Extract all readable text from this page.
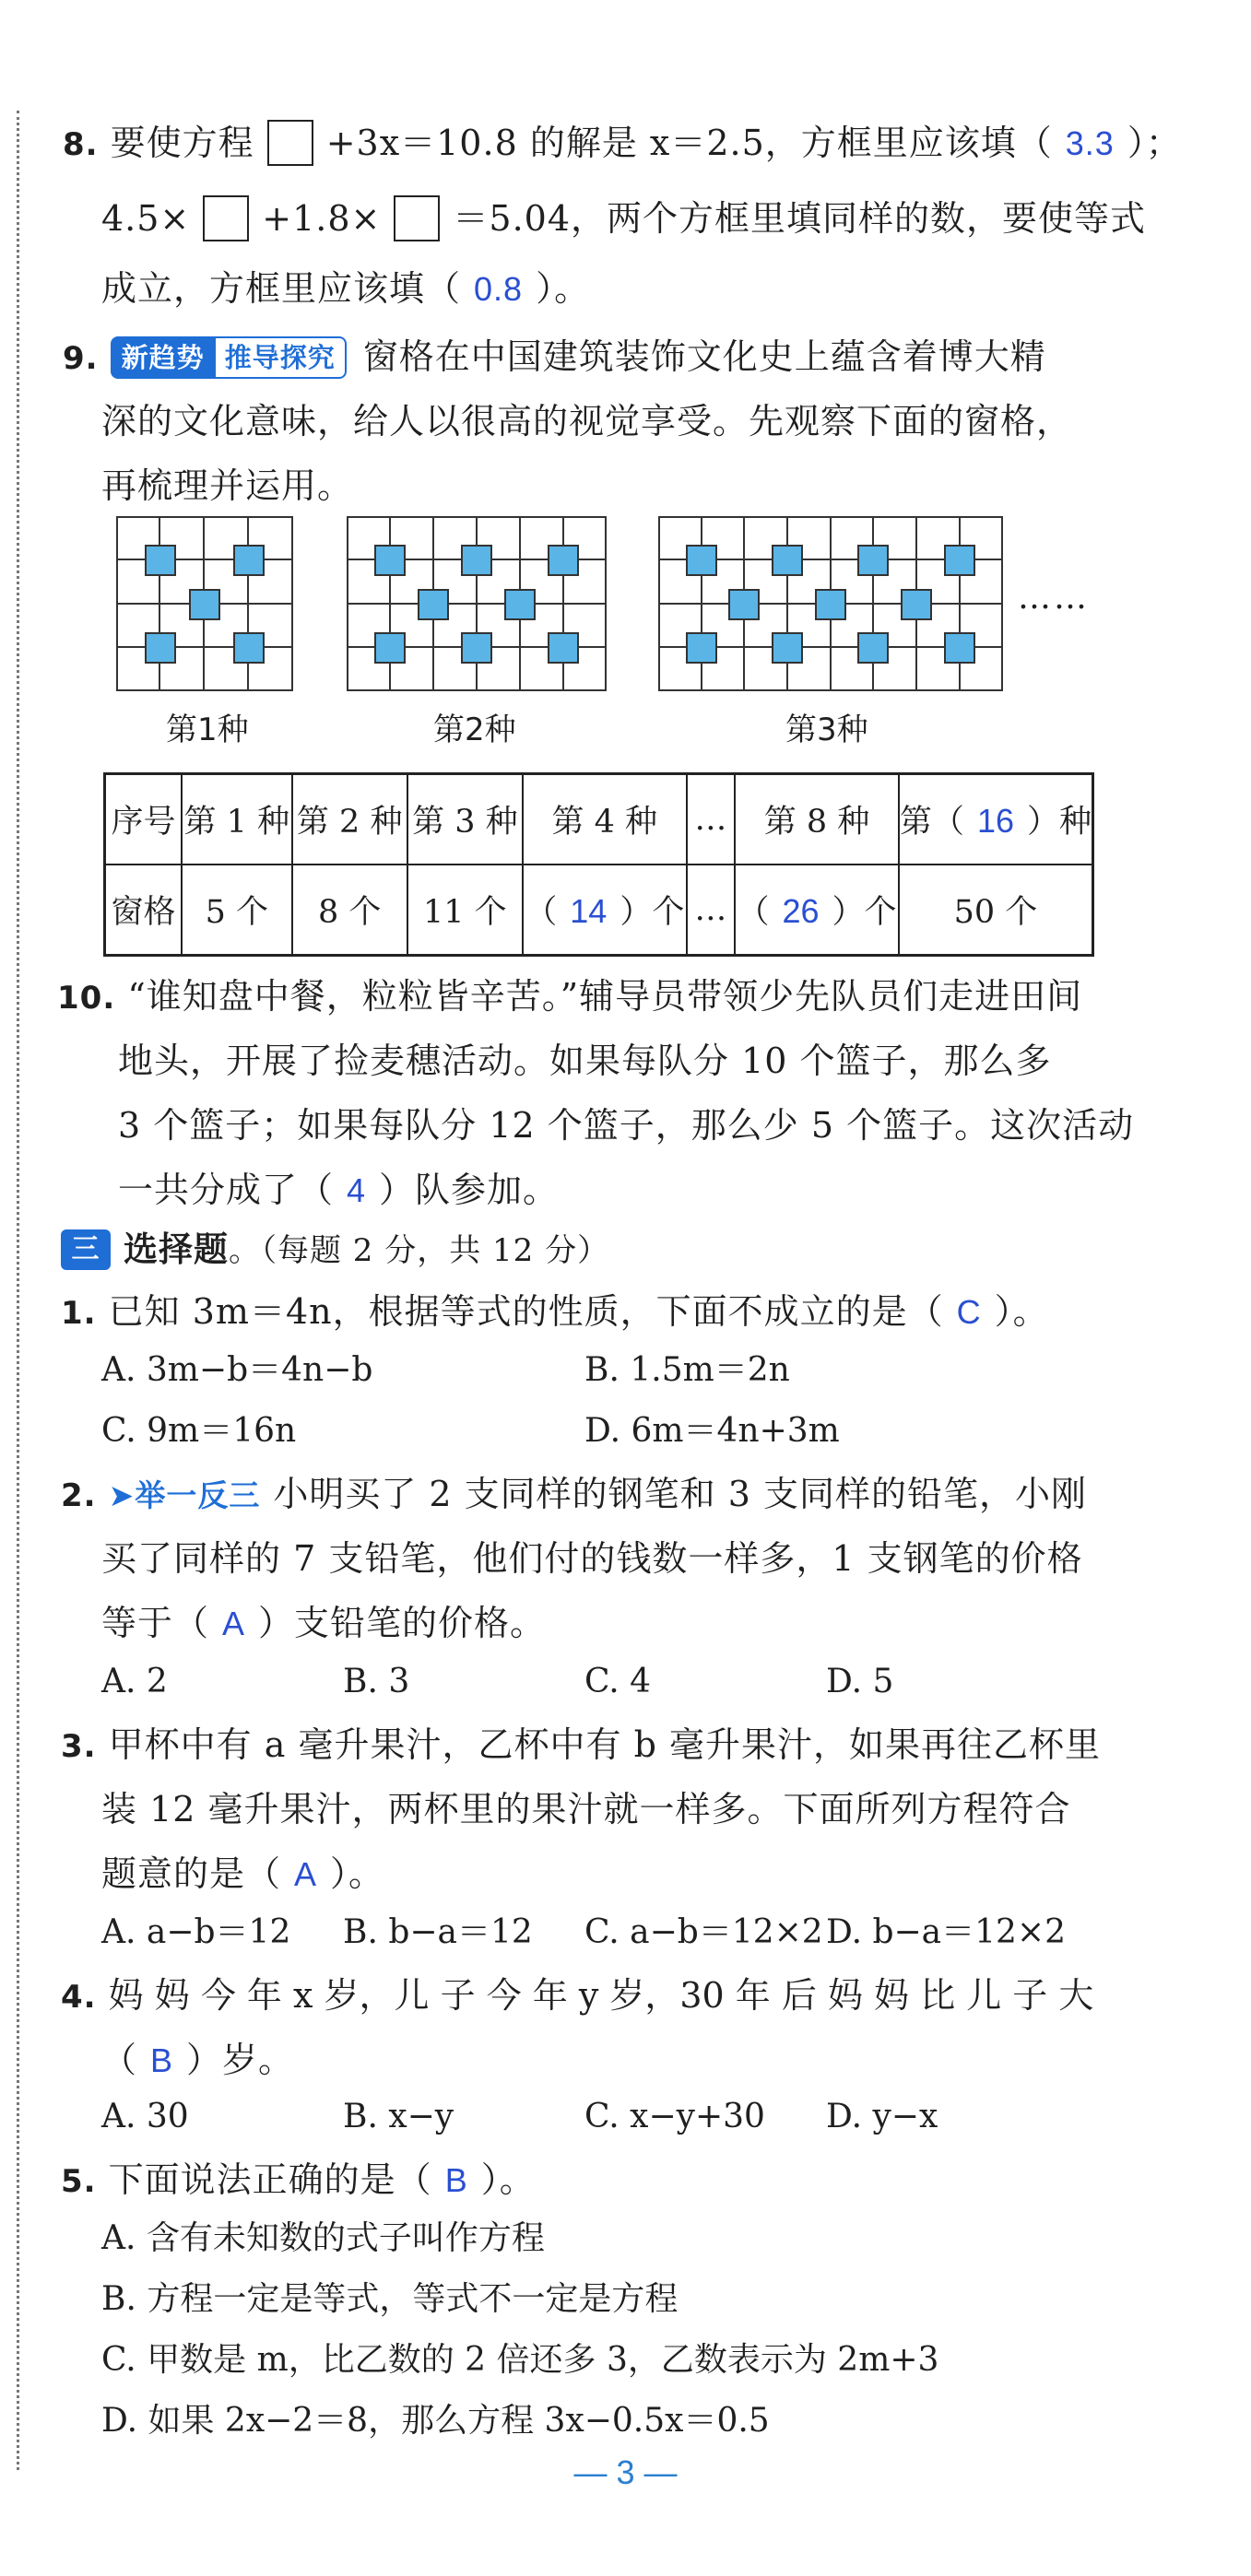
8. 要使方程 +3x＝10.8 的解是 x＝2.5，方框里应该填（ 3.3 ）；
4.5× +1.8× ＝5.04，两个方框里填同样的数，要使等式
成立，方框里应该填（ 0.8 ）。
9. 新趋势 推导探究 窗格在中国建筑装饰文化史上蕴含着博大精
深的文化意味，给人以很高的视觉享受。先观察下面的窗格，
再梳理并运用。
……
第1种	第2种	第3种
序号	第 1 种	第 2 种	第 3 种	第 4 种	…	第 8 种	第（ 16 ）种
窗格	5 个	8 个	11 个	（ 14 ）个	…	（ 26 ）个	50 个
10. “谁知盘中餐，粒粒皆辛苦。”辅导员带领少先队员们走进田间
地头，开展了捡麦穗活动。如果每队分 10 个篮子，那么多
3 个篮子；如果每队分 12 个篮子，那么少 5 个篮子。这次活动
一共分成了（ 4 ）队参加。
三 选择题。（每题 2 分，共 12 分）
1. 已知 3m＝4n，根据等式的性质，下面不成立的是（ C ）。
A. 3m−b＝4n−b	B. 1.5m＝2n
C. 9m＝16n	D. 6m＝4n+3m
2. ➤举一反三 小明买了 2 支同样的钢笔和 3 支同样的铅笔，小刚
买了同样的 7 支铅笔，他们付的钱数一样多，1 支钢笔的价格
等于（ A ）支铅笔的价格。
A. 2	B. 3	C. 4	D. 5
3. 甲杯中有 a 毫升果汁，乙杯中有 b 毫升果汁，如果再往乙杯里
装 12 毫升果汁，两杯里的果汁就一样多。下面所列方程符合
题意的是（ A ）。
A. a−b＝12 B. b−a＝12 C. a−b＝12×2 D. b−a＝12×2
4. 妈 妈 今 年 x 岁，儿 子 今 年 y 岁，30 年 后 妈 妈 比 儿 子 大
（ B ）岁。
A. 30	B. x−y	C. x−y+30 D. y−x
5. 下面说法正确的是（ B ）。
A. 含有未知数的式子叫作方程
B. 方程一定是等式，等式不一定是方程
C. 甲数是 m，比乙数的 2 倍还多 3，乙数表示为 2m+3
D. 如果 2x−2＝8，那么方程 3x−0.5x＝0.5
— 3 —
